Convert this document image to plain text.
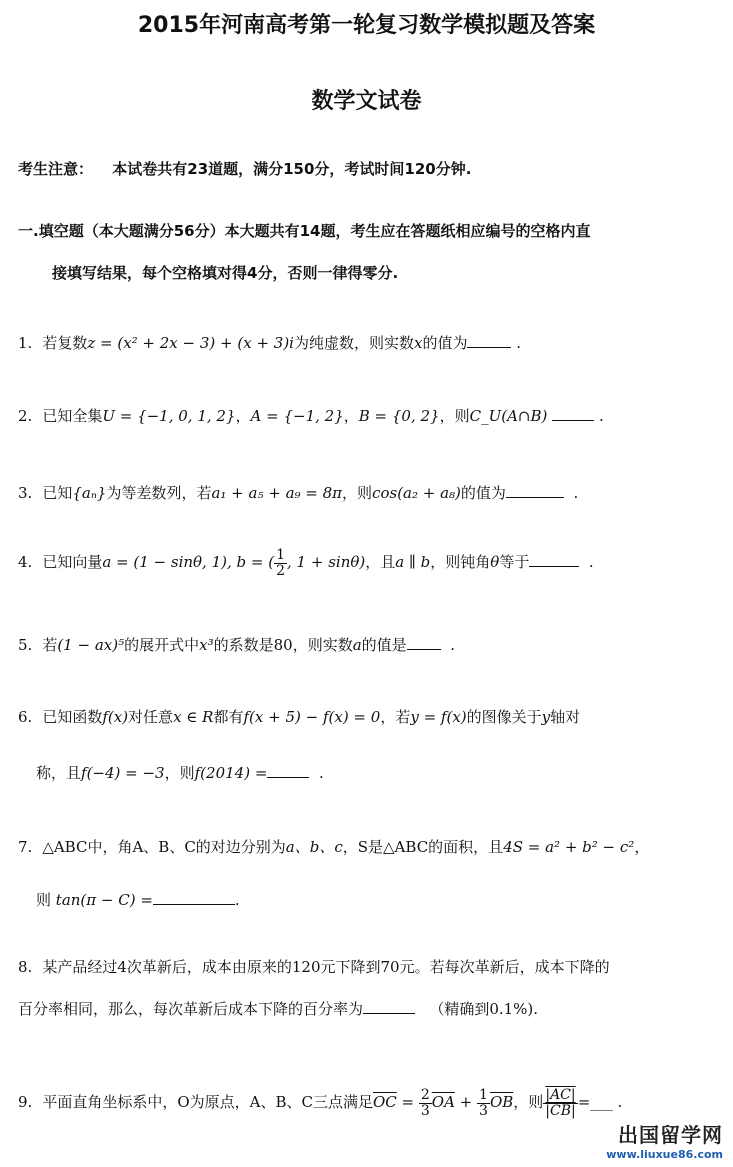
2015年河南高考第一轮复习数学模拟题及答案
数学文试卷
考生注意： 本试卷共有23道题，满分150分，考试时间120分钟.
一.填空题（本大题满分56分）本大题共有14题，考生应在答题纸相应编号的空格内直
接填写结果，每个空格填对得4分，否则一律得零分.
1. 若复数z = (x² + 2x − 3) + (x + 3)i为纯虚数，则实数x的值为	.
2. 已知全集U = {−1, 0, 1, 2}，A = {−1, 2}，B = {0, 2}，则C_U(A∩B)	.
3. 已知{aₙ}为等差数列，若a₁ + a₅ + a₉ = 8π，则cos(a₂ + a₈)的值为	.
4. 已知向量a = (1 − sinθ, 1), b = ( $\frac{1}{2}$ , 1 + sinθ)，且a ∥ b，则钝角θ等于	.
5. 若(1 − ax)⁵的展开式中x³的系数是80，则实数a的值是	.
6. 已知函数f(x)对任意x ∈ R都有f(x + 5) − f(x) = 0，若y = f(x)的图像关于y轴对
称，且f(−4) = −3，则f(2014) =	.
7. △ABC中，角A、B、C的对边分别为a、b、c，S是△ABC的面积，且4S = a² + b² − c²，
则 tan(π − C) =	.
8. 某产品经过4次革新后，成本由原来的120元下降到70元。若每次革新后，成本下降的
百分率相同，那么，每次革新后成本下降的百分率为	（精确到0.1%).
9. 平面直角坐标系中，O为原点，A、B、C三点满足$\overline{OC} = \frac{2}{3} \overline{OA} + \frac{1}{3} \overline{OB}$，则 $\frac{|AC|}{|CB|}$ =___ .
出国留学网
www.liuxue86.com
